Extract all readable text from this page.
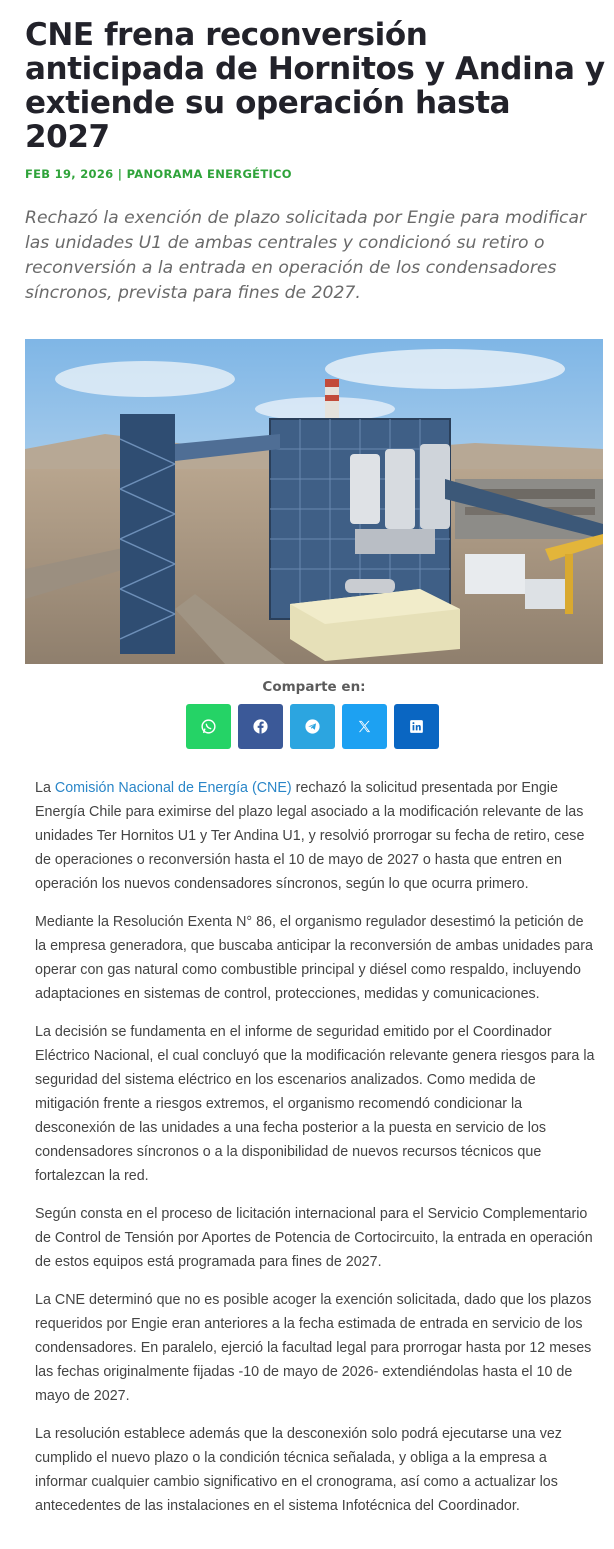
CNE frena reconversión anticipada de Hornitos y Andina y extiende su operación hasta 2027
FEB 19, 2026 | PANORAMA ENERGÉTICO

Rechazó la exención de plazo solicitada por Engie para modificar las unidades U1 de ambas centrales y condicionó su retiro o reconversión a la entrada en operación de los condensadores síncronos, prevista para fines de 2027.

Comparte en:

La Comisión Nacional de Energía (CNE) rechazó la solicitud presentada por Engie Energía Chile para eximirse del plazo legal asociado a la modificación relevante de las unidades Ter Hornitos U1 y Ter Andina U1, y resolvió prorrogar su fecha de retiro, cese de operaciones o reconversión hasta el 10 de mayo de 2027 o hasta que entren en operación los nuevos condensadores síncronos, según lo que ocurra primero.

Mediante la Resolución Exenta N° 86, el organismo regulador desestimó la petición de la empresa generadora, que buscaba anticipar la reconversión de ambas unidades para operar con gas natural como combustible principal y diésel como respaldo, incluyendo adaptaciones en sistemas de control, protecciones, medidas y comunicaciones.

La decisión se fundamenta en el informe de seguridad emitido por el Coordinador Eléctrico Nacional, el cual concluyó que la modificación relevante genera riesgos para la seguridad del sistema eléctrico en los escenarios analizados. Como medida de mitigación frente a riesgos extremos, el organismo recomendó condicionar la desconexión de las unidades a una fecha posterior a la puesta en servicio de los condensadores síncronos o a la disponibilidad de nuevos recursos técnicos que fortalezcan la red.

Según consta en el proceso de licitación internacional para el Servicio Complementario de Control de Tensión por Aportes de Potencia de Cortocircuito, la entrada en operación de estos equipos está programada para fines de 2027.

La CNE determinó que no es posible acoger la exención solicitada, dado que los plazos requeridos por Engie eran anteriores a la fecha estimada de entrada en servicio de los condensadores. En paralelo, ejerció la facultad legal para prorrogar hasta por 12 meses las fechas originalmente fijadas -10 de mayo de 2026- extendiéndolas hasta el 10 de mayo de 2027.

La resolución establece además que la desconexión solo podrá ejecutarse una vez cumplido el nuevo plazo o la condición técnica señalada, y obliga a la empresa a informar cualquier cambio significativo en el cronograma, así como a actualizar los antecedentes de las instalaciones en el sistema Infotécnica del Coordinador.
